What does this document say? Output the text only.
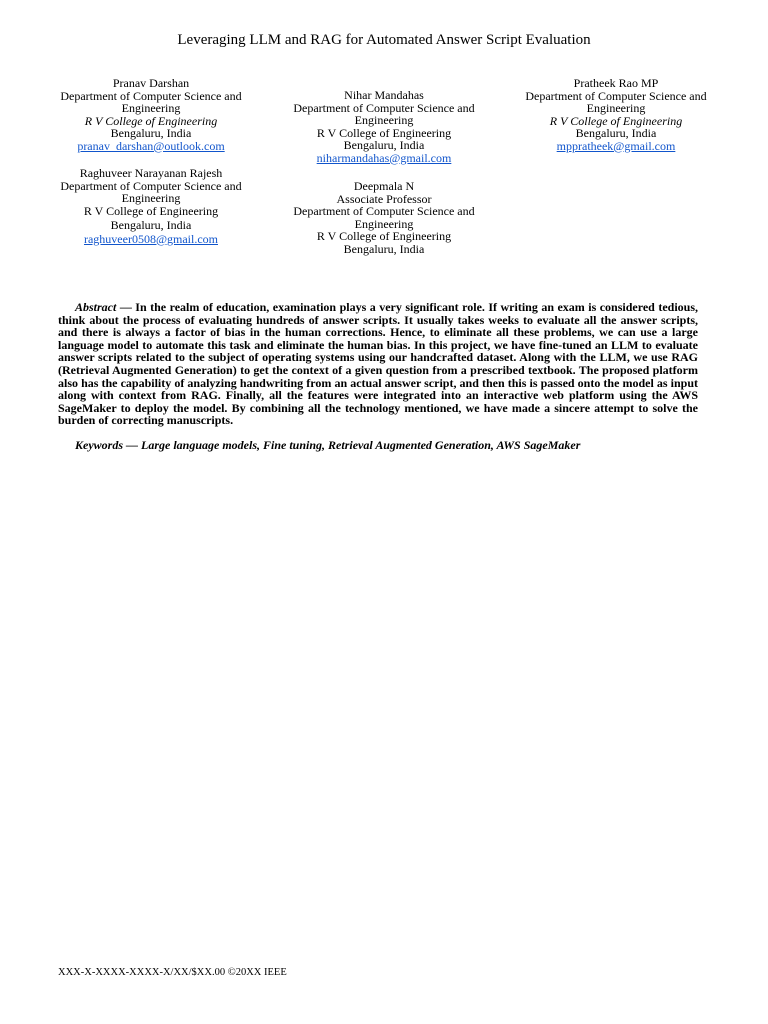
Leveraging LLM and RAG for Automated Answer Script Evaluation
Pranav Darshan
Department of Computer Science and Engineering
R V College of Engineering
Bengaluru, India
pranav_darshan@outlook.com
Nihar Mandahas
Department of Computer Science and Engineering
R V College of Engineering
Bengaluru, India
niharmandahas@gmail.com
Pratheek Rao MP
Department of Computer Science and Engineering
R V College of Engineering
Bengaluru, India
mppratheek@gmail.com
Raghuveer Narayanan Rajesh
Department of Computer Science and Engineering
R V College of Engineering
Bengaluru, India
raghuveer0508@gmail.com
Deepmala N
Associate Professor
Department of Computer Science and Engineering
R V College of Engineering
Bengaluru, India

Abstract — In the realm of education, examination plays a very significant role. If writing an exam is considered tedious, think about the process of evaluating hundreds of answer scripts. It usually takes weeks to evaluate all the answer scripts, and there is always a factor of bias in the human corrections. Hence, to eliminate all these problems, we can use a large language model to automate this task and eliminate the human bias. In this project, we have fine-tuned an LLM to evaluate answer scripts related to the subject of operating systems using our handcrafted dataset. Along with the LLM, we use RAG (Retrieval Augmented Generation) to get the context of a given question from a prescribed textbook. The proposed platform also has the capability of analyzing handwriting from an actual answer script, and then this is passed onto the model as input along with context from RAG. Finally, all the features were integrated into an interactive web platform using the AWS SageMaker to deploy the model. By combining all the technology mentioned, we have made a sincere attempt to solve the burden of correcting manuscripts.

Keywords — Large language models, Fine tuning, Retrieval Augmented Generation, AWS SageMaker

XXX-X-XXXX-XXXX-X/XX/$XX.00 ©20XX IEEE
